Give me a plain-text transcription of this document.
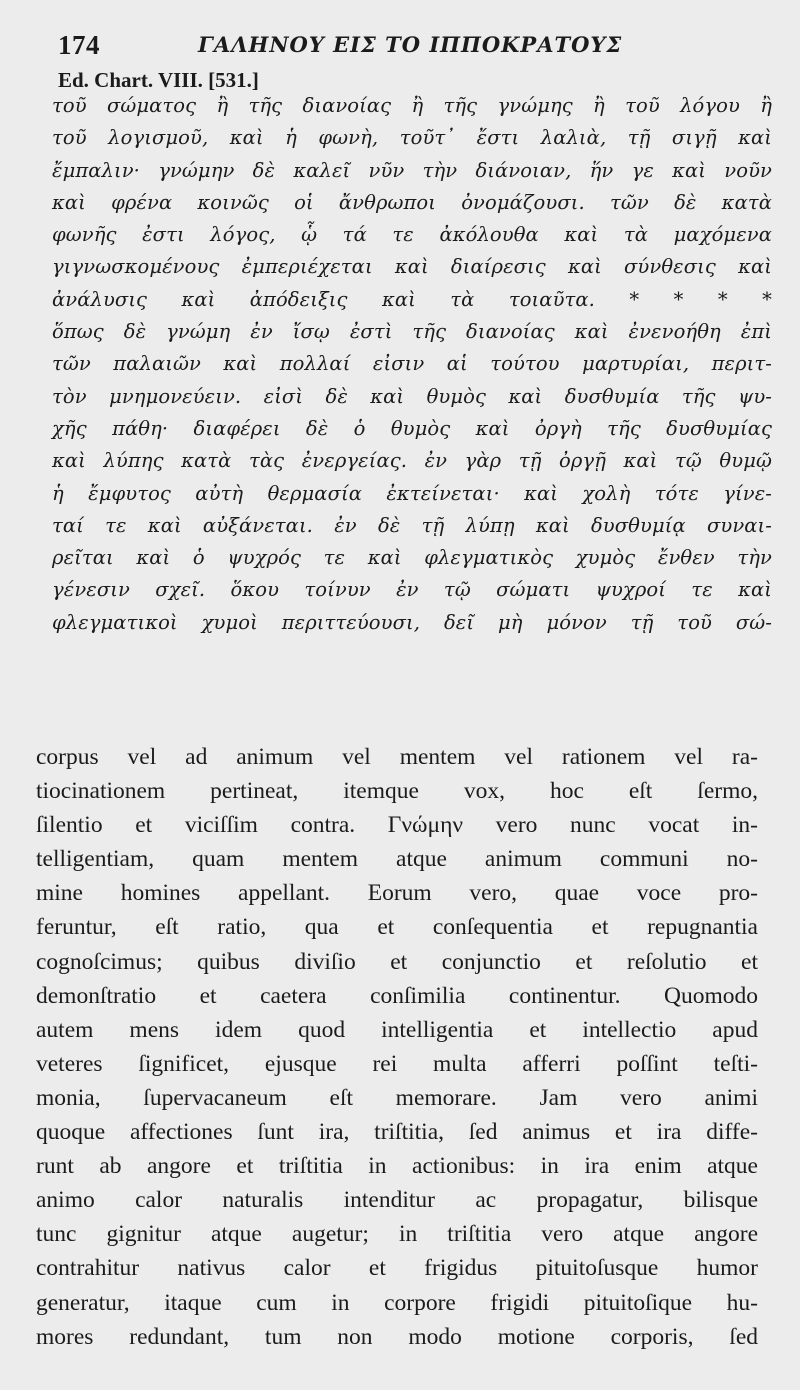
174	ΓΑΛΗΝΟΥ ΕΙΣ ΤΟ ΙΠΠΟΚΡΑΤΟΥΣ
Ed. Chart. VIII. [531.]
τοῦ σώματος ἢ τῆς διανοίας ἢ τῆς γνώμης ἢ τοῦ λόγου ἢ
τοῦ λογισμοῦ, καὶ ἡ φωνὴ, τοῦτ᾽ ἔστι λαλιὰ, τῇ σιγῇ καὶ
ἔμπαλιν· γνώμην δὲ καλεῖ νῦν τὴν διάνοιαν, ἥν γε καὶ νοῦν
καὶ φρένα κοινῶς οἱ ἄνθρωποι ὀνομάζουσι. τῶν δὲ κατὰ
φωνῆς ἐστι λόγος, ᾧ τά τε ἀκόλουθα καὶ τὰ μαχόμενα
γιγνωσκομένους ἐμπεριέχεται καὶ διαίρεσις καὶ σύνθεσις καὶ
ἀνάλυσις καὶ ἀπόδειξις καὶ τὰ τοιαῦτα. * * * *
ὅπως δὲ γνώμη ἐν ἴσῳ ἐστὶ τῆς διανοίας καὶ ἐνενοήθη ἐπὶ
τῶν παλαιῶν καὶ πολλαί εἰσιν αἱ τούτου μαρτυρίαι, περιτ-
τὸν μνημονεύειν. εἰσὶ δὲ καὶ θυμὸς καὶ δυσθυμία τῆς ψυ-
χῆς πάθη· διαφέρει δὲ ὁ θυμὸς καὶ ὀργὴ τῆς δυσθυμίας
καὶ λύπης κατὰ τὰς ἐνεργείας. ἐν γὰρ τῇ ὀργῇ καὶ τῷ θυμῷ
ἡ ἔμφυτος αὐτὴ θερμασία ἐκτείνεται· καὶ χολὴ τότε γίνε-
ταί τε καὶ αὐξάνεται. ἐν δὲ τῇ λύπῃ καὶ δυσθυμίᾳ συναι-
ρεῖται καὶ ὁ ψυχρός τε καὶ φλεγματικὸς χυμὸς ἔνθεν τὴν
γένεσιν σχεῖ. ὅκου τοίνυν ἐν τῷ σώματι ψυχροί τε καὶ
φλεγματικοὶ χυμοὶ περιττεύουσι, δεῖ μὴ μόνον τῇ τοῦ σώ-
corpus vel ad animum vel mentem vel rationem vel ra-
tiocinationem pertineat, itemque vox, hoc eſt ſermo,
ſilentio et viciſſim contra. Γνώμην vero nunc vocat in-
telligentiam, quam mentem atque animum communi no-
mine homines appellant. Eorum vero, quae voce pro-
feruntur, eſt ratio, qua et conſequentia et repugnantia
cognoſcimus; quibus diviſio et conjunctio et reſolutio et
demonſtratio et caetera conſimilia continentur. Quomodo
autem mens idem quod intelligentia et intellectio apud
veteres ſignificet, ejusque rei multa afferri poſſint teſti-
monia, ſupervacaneum eſt memorare. Jam vero animi
quoque affectiones ſunt ira, triſtitia, ſed animus et ira diffe-
runt ab angore et triſtitia in actionibus: in ira enim atque
animo calor naturalis intenditur ac propagatur, bilisque
tunc gignitur atque augetur; in triſtitia vero atque angore
contrahitur nativus calor et frigidus pituitoſusque humor
generatur, itaque cum in corpore frigidi pituitoſique hu-
mores redundant, tum non modo motione corporis, ſed
